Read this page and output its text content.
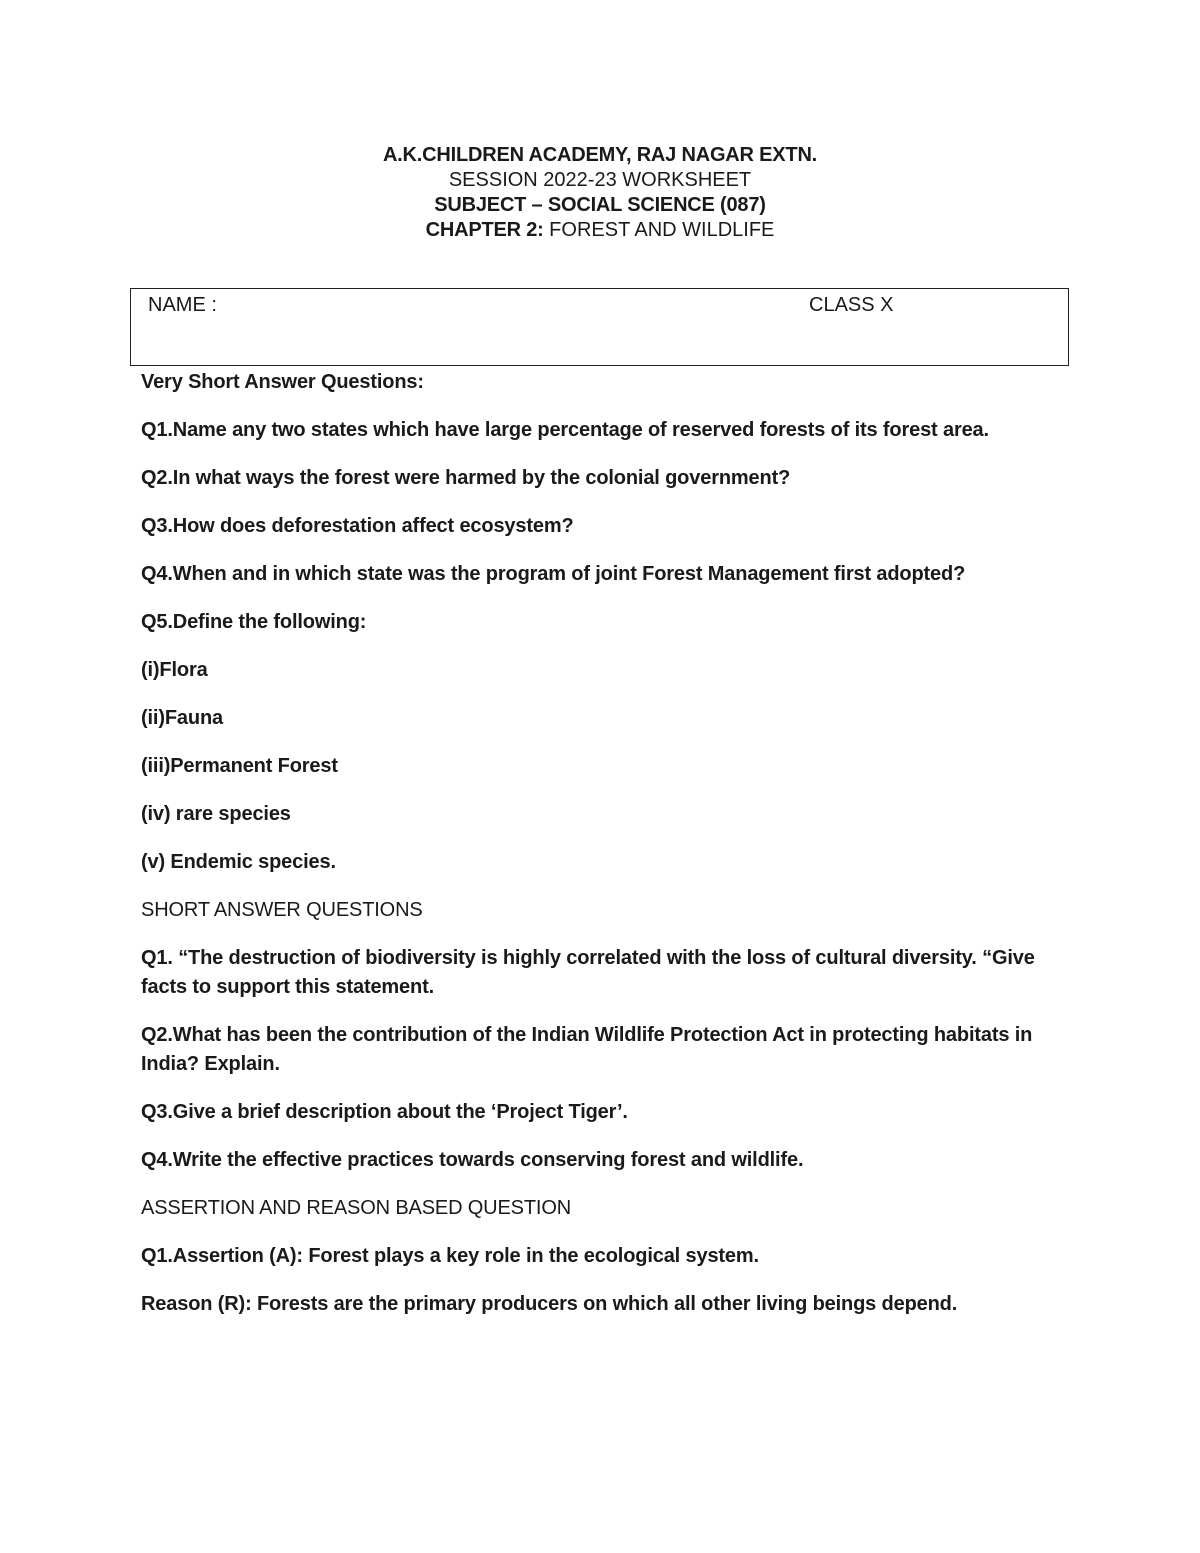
A.K.CHILDREN ACADEMY, RAJ NAGAR EXTN.
SESSION 2022-23 WORKSHEET
SUBJECT – SOCIAL SCIENCE (087)
CHAPTER 2: FOREST AND WILDLIFE
NAME :	CLASS X

Very Short Answer Questions:

Q1.Name any two states which have large percentage of reserved forests of its forest area.

Q2.In what ways the forest were harmed by the colonial government?

Q3.How does deforestation affect ecosystem?

Q4.When and in which state was the program of joint Forest Management first adopted?

Q5.Define the following:

(i)Flora

(ii)Fauna

(iii)Permanent Forest

(iv) rare species

(v) Endemic species.

SHORT ANSWER QUESTIONS

Q1. “The destruction of biodiversity is highly correlated with the loss of cultural diversity. “Give facts to support this statement.

Q2.What has been the contribution of the Indian Wildlife Protection Act in protecting habitats in India? Explain.

Q3.Give a brief description about the ‘Project Tiger’.

Q4.Write the effective practices towards conserving forest and wildlife.

ASSERTION AND REASON BASED QUESTION

Q1.Assertion (A): Forest plays a key role in the ecological system.

Reason (R): Forests are the primary producers on which all other living beings depend.
